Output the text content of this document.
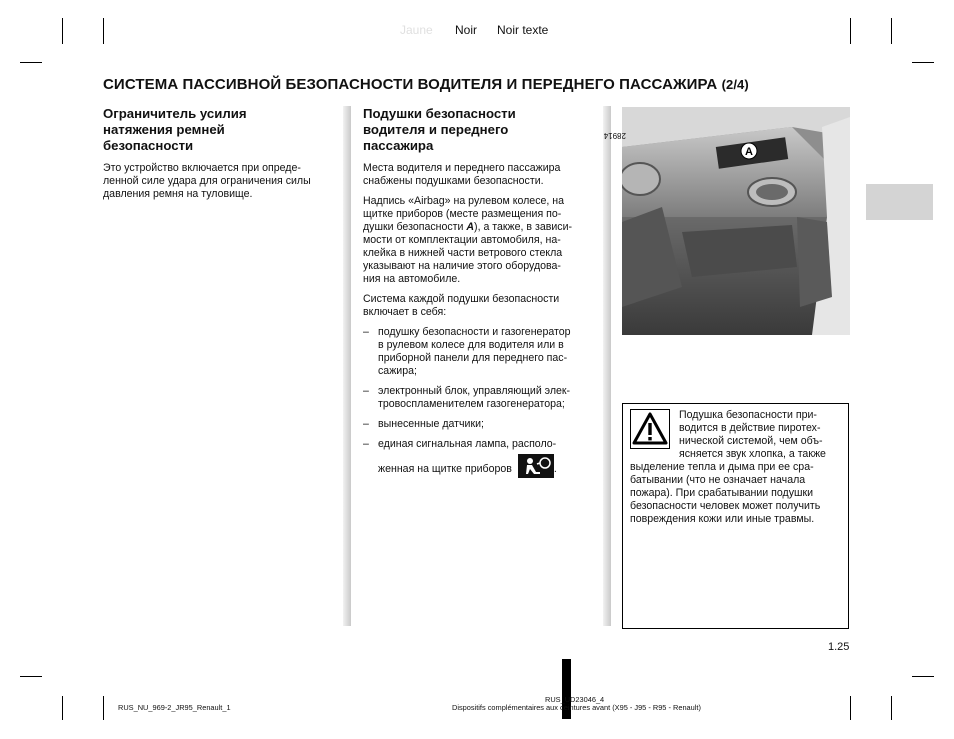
Jaune Noir Noir texte
СИСТЕМА ПАССИВНОЙ БЕЗОПАСНОСТИ ВОДИТЕЛЯ И ПЕРЕДНЕГО ПАССАЖИРА (2/4)
Ограничитель усилия
натяжения ремней
безопасности
Это устройство включается при опреде-
ленной силе удара для ограничения силы
давления ремня на туловище.
Подушки безопасности
водителя и переднего
пассажира
Места водителя и переднего пассажира
снабжены подушками безопасности.
Надпись «Airbag» на рулевом колесе, на
щитке приборов (месте размещения по-
душки безопасности A), а также, в зависи-
мости от комплектации автомобиля, на-
клейка в нижней части ветрового стекла
указывают на наличие этого оборудова-
ния на автомобиле.
Система каждой подушки безопасности
включает в себя:
– подушку безопасности и газогенератор
в рулевом колесе для водителя или в
приборной панели для переднего пас-
сажира;
– электронный блок, управляющий элек-
тровоспламенителем газогенератора;
– вынесенные датчики;
– единая сигнальная лампа, располо-
женная на щитке приборов	.
A
28914
Подушка безопасности при-
водится в действие пиротех-
нической системой, чем объ-
ясняется звук хлопка, а также
выделение тепла и дыма при ее сра-
батывании (что не означает начала
пожара). При срабатывании подушки
безопасности человек может получить
повреждения кожи или иные травмы.
1.25
RUS_NU_969-2_JR95_Renault_1
RUS_UD23046_4
Dispositifs complémentaires aux ceintures avant (X95 - J95 - R95 - Renault)
